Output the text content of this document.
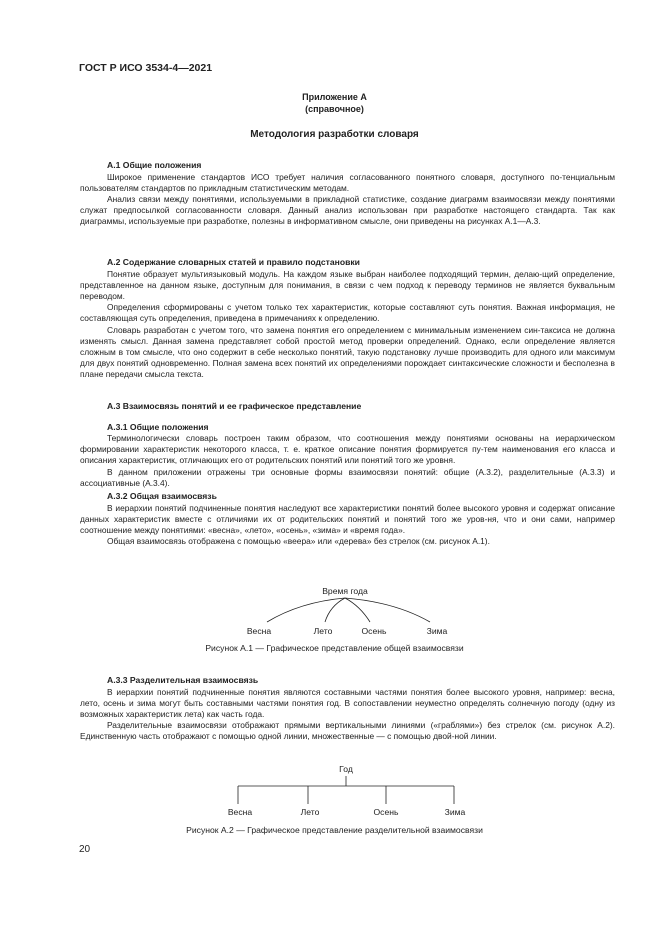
ГОСТ Р ИСО 3534-4—2021
Приложение А
(справочное)
Методология разработки словаря
А.1 Общие положения

Широкое применение стандартов ИСО требует наличия согласованного понятного словаря, доступного по-тенциальным пользователям стандартов по прикладным статистическим методам.

Анализ связи между понятиями, используемыми в прикладной статистике, создание диаграмм взаимосвязи между понятиями служат предпосылкой согласованности словаря. Данный анализ использован при разработке настоящего стандарта. Так как диаграммы, используемые при разработке, полезны в информативном смысле, они приведены на рисунках А.1—А.3.

А.2 Содержание словарных статей и правило подстановки

Понятие образует мультиязыковый модуль. На каждом языке выбран наиболее подходящий термин, делаю-щий определение, представленное на данном языке, доступным для понимания, в связи с чем подход к переводу терминов не является буквальным переводом.

Определения сформированы с учетом только тех характеристик, которые составляют суть понятия. Важная информация, не составляющая суть определения, приведена в примечаниях к определению.

Словарь разработан с учетом того, что замена понятия его определением с минимальным изменением син-таксиса не должна изменять смысл. Данная замена представляет собой простой метод проверки определений. Однако, если определение является сложным в том смысле, что оно содержит в себе несколько понятий, такую подстановку лучше производить для одного или максимум для двух понятий одновременно. Полная замена всех понятий их определениями порождает синтаксические сложности и бесполезна в плане передачи смысла текста.

А.3 Взаимосвязь понятий и ее графическое представление
А.3.1 Общие положения

Терминологически словарь построен таким образом, что соотношения между понятиями основаны на иерархическом формировании характеристик некоторого класса, т. е. краткое описание понятия формируется пу-тем наименования его класса и описания характеристик, отличающих его от родительских понятий или понятий того же уровня.

В данном приложении отражены три основные формы взаимосвязи понятий: общие (А.3.2), разделительные (А.3.3) и ассоциативные (А.3.4).

А.3.2 Общая взаимосвязь

В иерархии понятий подчиненные понятия наследуют все характеристики понятий более высокого уровня и содержат описание данных характеристик вместе с отличиями их от родительских понятий и понятий того же уров-ня, что и они сами, например соотношение между понятиями: «весна», «лето», «осень», «зима» и «время года».

Общая взаимосвязь отображена с помощью «веера» или «дерева» без стрелок (см. рисунок А.1).

Время года
Весна	Лето	Осень	Зима
Рисунок А.1 — Графическое представление общей взаимосвязи
А.3.3 Разделительная взаимосвязь

В иерархии понятий подчиненные понятия являются составными частями понятия более высокого уровня, например: весна, лето, осень и зима могут быть составными частями понятия год. В сопоставлении неуместно определять солнечную погоду (одну из возможных характеристик лета) как часть года.

Разделительные взаимосвязи отображают прямыми вертикальными линиями («граблями») без стрелок (см. рисунок А.2). Единственную часть отображают с помощью одной линии, множественные — с помощью двой-ной линии.

Год
Весна	Лето	Осень	Зима
Рисунок А.2 — Графическое представление разделительной взаимосвязи
20
